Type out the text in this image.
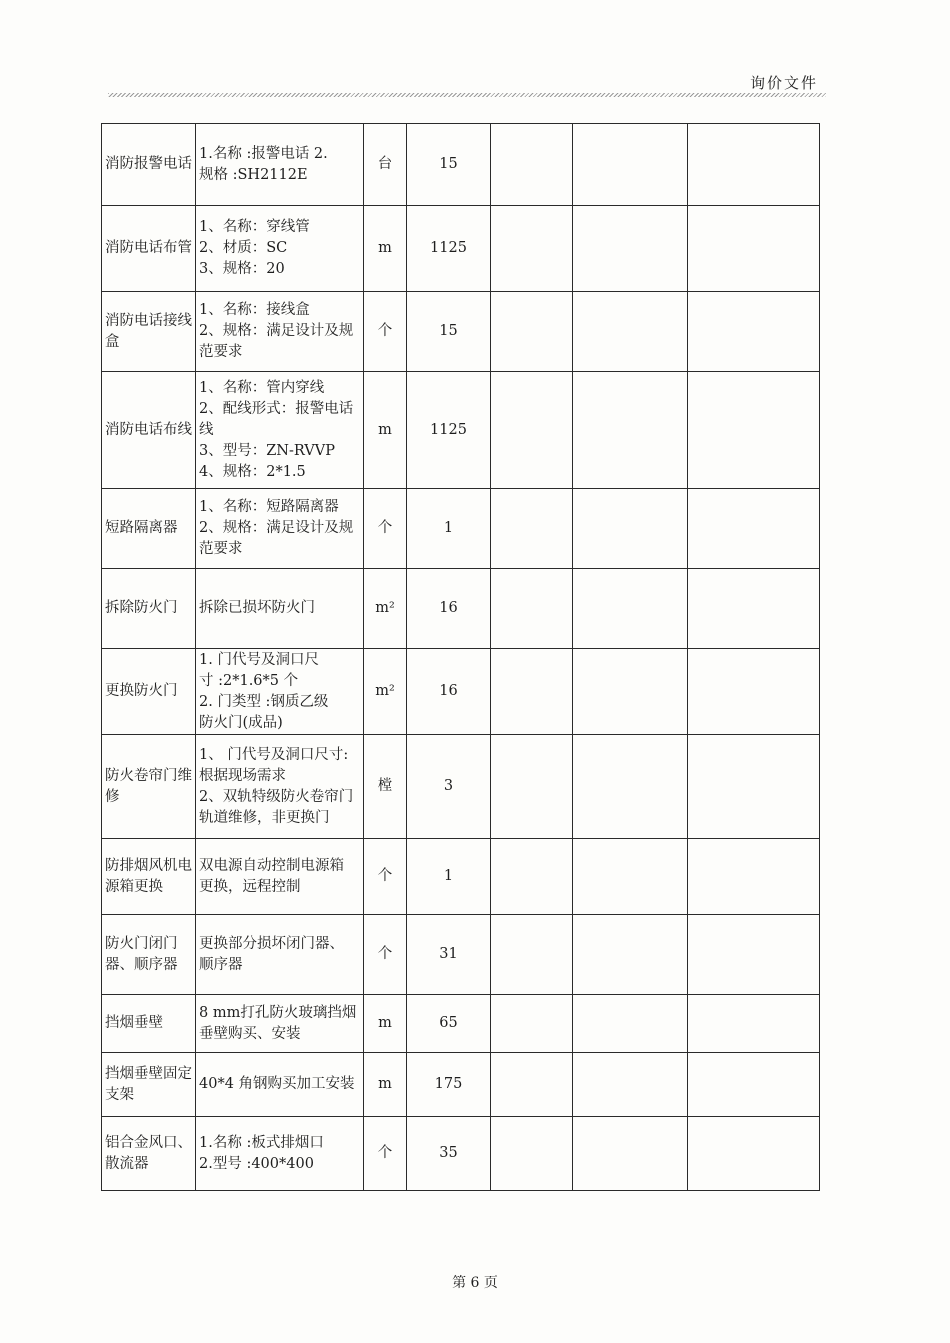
询价文件
消防报警电话	1.名称 :报警电话 2.
规格 :SH2112E	台	15			
消防电话布管	1、名称：穿线管
2、材质：SC
3、规格：20	m	1125			
消防电话接线盒	1、名称：接线盒
2、规格：满足设计及规
范要求	个	15			
消防电话布线	1、名称：管内穿线
2、配线形式：报警电话
线
3、型号：ZN-RVVP
4、规格：2*1.5	m	1125			
短路隔离器	1、名称：短路隔离器
2、规格：满足设计及规
范要求	个	1			
拆除防火门	拆除已损坏防火门	m²	16			
更换防火门	1. 门代号及洞口尺
寸 :2*1.6*5 个
2. 门类型 :钢质乙级
防火门(成品)	m²	16			
防火卷帘门维修	1、 门代号及洞口尺寸:
根据现场需求
2、双轨特级防火卷帘门
轨道维修，非更换门	樘	3			
防排烟风机电源箱更换	双电源自动控制电源箱
更换，远程控制	个	1			
防火门闭门器、顺序器	更换部分损坏闭门器、
顺序器	个	31			
挡烟垂壁	8 mm打孔防火玻璃挡烟
垂壁购买、安装	m	65			
挡烟垂壁固定支架	40*4 角钢购买加工安装	m	175			
铝合金风口、散流器	1.名称 :板式排烟口
2.型号 :400*400	个	35			
第 6 页
